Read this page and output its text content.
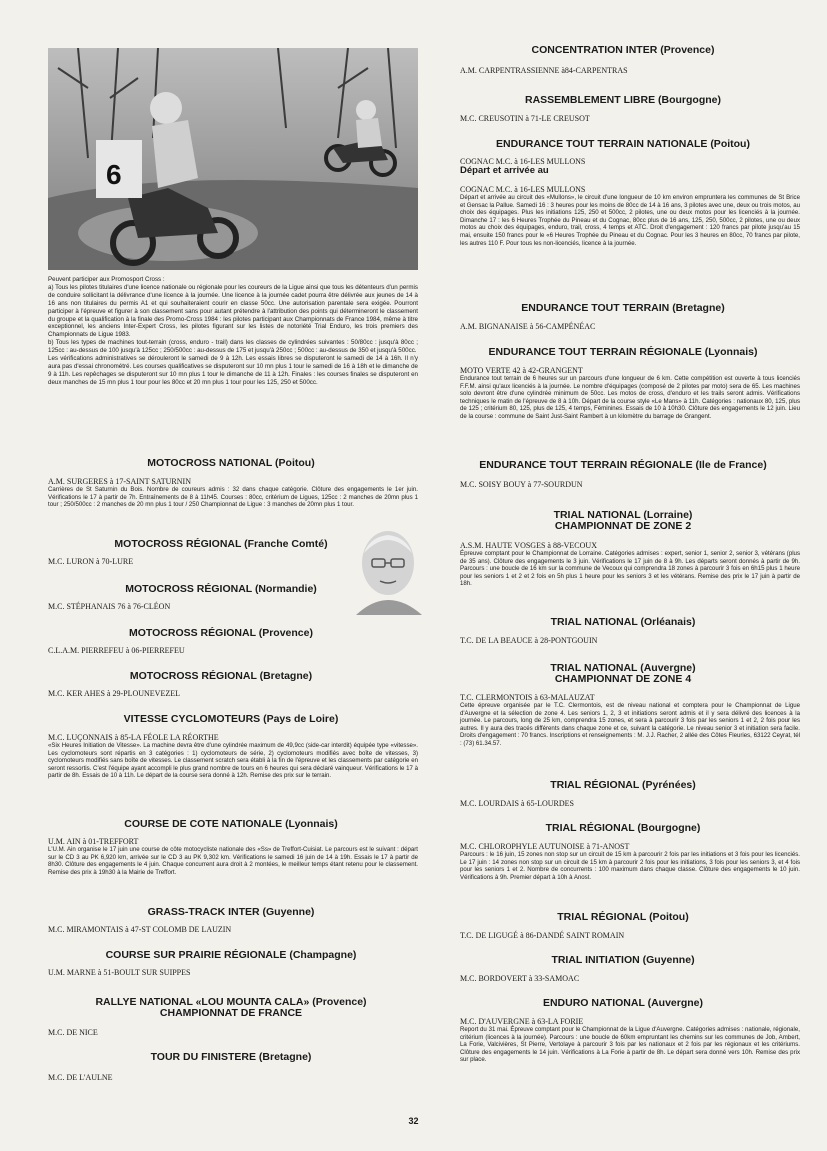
6
Peuvent participer aux Promosport Cross :
a) Tous les pilotes titulaires d'une licence nationale ou régionale pour les coureurs de la Ligue ainsi que tous les détenteurs d'un permis de conduire sollicitant la délivrance d'une licence à la journée. Une licence à la journée cadet pourra être délivrée aux jeunes de 14 à 16 ans non titulaires du permis A1 et qui souhaiteraient courir en classe 50cc. Une autorisation parentale sera exigée. Pourront participer à l'épreuve et figurer à son classement sans pour autant prétendre à l'attribution des points qui détermineront le classement du groupe et la qualification à la finale des Promo-Cross 1984 : les pilotes participant aux Championnats de France 1984, même à titre exceptionnel, les anciens Inter-Expert Cross, les pilotes figurant sur les listes de notoriété Trial Enduro, les trois premiers des Championnats de Ligue 1983.
b) Tous les types de machines tout-terrain (cross, enduro - trail) dans les classes de cylindrées suivantes : 50/80cc : jusqu'à 80cc ; 125cc : au-dessus de 100 jusqu'à 125cc ; 250/500cc : au-dessus de 175 et jusqu'à 250cc ; 500cc : au-dessus de 350 et jusqu'à 500cc.
Les vérifications administratives se dérouleront le samedi de 9 à 12h. Les essais libres se disputeront le samedi de 14 à 16h. Il n'y aura pas d'essai chronométré. Les courses qualificatives se disputeront sur 10 mn plus 1 tour le samedi de 16 à 18h et le dimanche de 9 à 11h. Les repêchages se disputeront sur 10 mn plus 1 tour le dimanche de 11 à 12h. Finales : les courses finales se disputeront en deux manches de 15 mn plus 1 tour pour les 80cc et 20 mn plus 1 tour pour les 125, 250 et 500cc.
MOTOCROSS NATIONAL (Poitou)
A.M. SURGERES à 17-SAINT SATURNIN
Carrières de St Saturnin du Bois. Nombre de coureurs admis : 32 dans chaque catégorie. Clôture des engagements le 1er juin. Vérifications le 17 à partir de 7h. Entraînements de 8 à 11h45. Courses : 80cc, critérium de Ligues, 125cc : 2 manches de 20mn plus 1 tour ; 250/500cc : 2 manches de 20 mn plus 1 tour / 250 Championnat de Ligue : 3 manches de 20mn plus 1 tour.
MOTOCROSS RÉGIONAL (Franche Comté)
M.C. LURON à 70-LURE
MOTOCROSS RÉGIONAL (Normandie)
M.C. STÉPHANAIS 76 à 76-CLÉON
MOTOCROSS RÉGIONAL (Provence)
C.L.A.M. PIERREFEU à 06-PIERREFEU
MOTOCROSS RÉGIONAL (Bretagne)
M.C. KER AHES à 29-PLOUNEVEZEL
VITESSE CYCLOMOTEURS (Pays de Loire)
M.C. LUÇONNAIS à 85-LA FÉOLE LA RÉORTHE
«Six Heures Initiation de Vitesse». La machine devra être d'une cylindrée maximum de 49,9cc (side-car interdit) équipée type «vitesse». Les cyclomoteurs sont répartis en 3 catégories : 1) cyclomoteurs de série, 2) cyclomoteurs modifiés avec boîte de vitesses, 3) cyclomoteurs modifiés sans boîte de vitesses. Le classement scratch sera établi à la fin de l'épreuve et les classements par catégorie en seront ressortis. C'est l'équipe ayant accompli le plus grand nombre de tours en 6 heures qui sera déclaré vainqueur. Vérifications le 17 à partir de 8h. Essais de 10 à 11h. Le départ de la course sera donné à 12h. Remise des prix sur le terrain.
COURSE DE COTE NATIONALE (Lyonnais)
U.M. AIN à 01-TREFFORT
L'U.M. Ain organise le 17 juin une course de côte motocycliste nationale des «Ss» de Treffort-Cuisiat. Le parcours est le suivant : départ sur le CD 3 au PK 6,920 km, arrivée sur le CD 3 au PK 9,302 km. Vérifications le samedi 16 juin de 14 à 19h. Essais le 17 à partir de 8h30. Clôture des engagements le 4 juin. Chaque concurrent aura droit à 2 montées, le meilleur temps étant retenu pour le classement. Remise des prix à 19h30 à la Mairie de Treffort.
GRASS-TRACK INTER (Guyenne)
M.C. MIRAMONTAIS à 47-ST COLOMB DE LAUZIN
COURSE SUR PRAIRIE RÉGIONALE (Champagne)
U.M. MARNE à 51-BOULT SUR SUIPPES
RALLYE NATIONAL «LOU MOUNTA CALA» (Provence)
CHAMPIONNAT DE FRANCE
M.C. DE NICE
TOUR DU FINISTERE (Bretagne)
M.C. DE L'AULNE
CONCENTRATION INTER (Provence)
A.M. CARPENTRASSIENNE à84-CARPENTRAS
RASSEMBLEMENT LIBRE (Bourgogne)
M.C. CREUSOTIN à 71-LE CREUSOT
ENDURANCE TOUT TERRAIN NATIONALE (Poitou)
COGNAC M.C. à 16-LES MULLONS
Départ et arrivée au
COGNAC M.C. à 16-LES MULLONS
Départ et arrivée au circuit des «Mullons», le circuit d'une longueur de 10 km environ empruntera les communes de St Brice et Gensac la Pallue. Samedi 16 : 3 heures pour les moins de 80cc de 14 à 16 ans, 3 pilotes avec une, deux ou trois motos, au choix des équipages. Plus les initiations 125, 250 et 500cc, 2 pilotes, une ou deux motos pour les licenciés à la journée. Dimanche 17 : les 6 Heures Trophée du Pineau et du Cognac, 80cc plus de 16 ans, 125, 250, 500cc, 2 pilotes, une ou deux motos au choix des équipages, enduro, trail, cross, 4 temps et ATC. Droit d'engagement : 120 francs par pilote jusqu'au 15 mai, ensuite 150 francs pour le «6 Heures Trophée du Pineau et du Cognac. Pour les 3 heures en 80cc, 70 francs par pilote, les autres 110 F. Pour tous les non-licenciés, licence à la journée.
ENDURANCE TOUT TERRAIN (Bretagne)
A.M. BIGNANAISE à 56-CAMPÉNÉAC
ENDURANCE TOUT TERRAIN RÉGIONALE (Lyonnais)
MOTO VERTE 42 à 42-GRANGENT
Endurance tout terrain de 6 heures sur un parcours d'une longueur de 6 km. Cette compétition est ouverte à tous licenciés F.F.M. ainsi qu'aux licenciés à la journée. Le nombre d'équipages (composé de 2 pilotes par moto) sera de 65. Les machines solo devront être d'une cylindrée minimum de 50cc. Les motos de cross, d'enduro et les trails seront admis. Vérifications techniques le matin de l'épreuve de 8 à 10h. Départ de la course style «Le Mans» à 11h. Catégories : nationaux 80, 125, plus de 125 ; critérium 80, 125, plus de 125, 4 temps, Féminines. Essais de 10 à 10h30. Clôture des engagements le 12 juin. Lieu de la course : commune de Saint Just-Saint Rambert à un kilomètre du barrage de Grangent.
ENDURANCE TOUT TERRAIN RÉGIONALE (Ile de France)
M.C. SOISY BOUY à 77-SOURDUN
TRIAL NATIONAL (Lorraine)
CHAMPIONNAT DE ZONE 2
A.S.M. HAUTE VOSGES à 88-VECOUX
Épreuve comptant pour le Championnat de Lorraine. Catégories admises : expert, senior 1, senior 2, senior 3, vétérans (plus de 35 ans). Clôture des engagements le 3 juin. Vérifications le 17 juin de 8 à 9h. Les départs seront donnés à partir de 9h. Parcours : une boucle de 16 km sur la commune de Vecoux qui comprendra 18 zones à parcourir 3 fois en 6h15 plus 1 heure pour les seniors 1 et 2 et 2 fois en 5h plus 1 heure pour les seniors 3 et les vétérans. Remise des prix le 17 juin à partir de 18h.
TRIAL NATIONAL (Orléanais)
T.C. DE LA BEAUCE à 28-PONTGOUIN
TRIAL NATIONAL (Auvergne)
CHAMPIONNAT DE ZONE 4
T.C. CLERMONTOIS à 63-MALAUZAT
Cette épreuve organisée par le T.C. Clermontois, est de niveau national et comptera pour le Championnat de Ligue d'Auvergne et la sélection de zone 4. Les seniors 1, 2, 3 et initiations seront admis et il y sera délivré des licences à la journée. Le parcours, long de 25 km, comprendra 15 zones, et sera à parcourir 3 fois par les seniors 1 et 2, 2 fois pour les autres. Il y aura des tracés différents dans chaque zone et ce, suivant la catégorie. Le niveau senior 3 et initiation sera facile. Droits d'engagement : 70 francs. Inscriptions et renseignements : M. J.J. Racher, 2 allée des Côtes Fleuries, 63122 Ceyrat, tél : (73) 61.34.57.
TRIAL RÉGIONAL (Pyrénées)
M.C. LOURDAIS à 65-LOURDES
TRIAL RÉGIONAL (Bourgogne)
M.C. CHLOROPHYLE AUTUNOISE à 71-ANOST
Parcours : le 16 juin, 15 zones non stop sur un circuit de 15 km à parcourir 2 fois par les initiations et 3 fois pour les licenciés. Le 17 juin : 14 zones non stop sur un circuit de 15 km à parcourir 2 fois pour les initiations, 3 fois pour les seniors 3, et 4 fois pour les seniors 1 et 2. Nombre de concurrents : 100 maximum dans chaque classe. Clôture des engagements le 10 juin. Vérifications à 9h. Premier départ à 10h à Anost.
TRIAL RÉGIONAL (Poitou)
T.C. DE LIGUGÉ à 86-DANDÉ SAINT ROMAIN
TRIAL INITIATION (Guyenne)
M.C. BORDOVERT à 33-SAMOAC
ENDURO NATIONAL (Auvergne)
M.C. D'AUVERGNE à 63-LA FORIE
Report du 31 mai. Épreuve comptant pour le Championnat de la Ligue d'Auvergne. Catégories admises : nationale, régionale, critérium (licences à la journée). Parcours : une boucle de 60km empruntant les chemins sur les communes de Job, Ambert, La Forie, Valcivières, St Pierre, Vertolaye à parcourir 3 fois par les nationaux et 2 fois par les régionaux et les critériums. Clôture des engagements le 14 juin. Vérifications à La Forie à partir de 8h. Le départ sera donné vers 10h. Remise des prix sur place.
32
